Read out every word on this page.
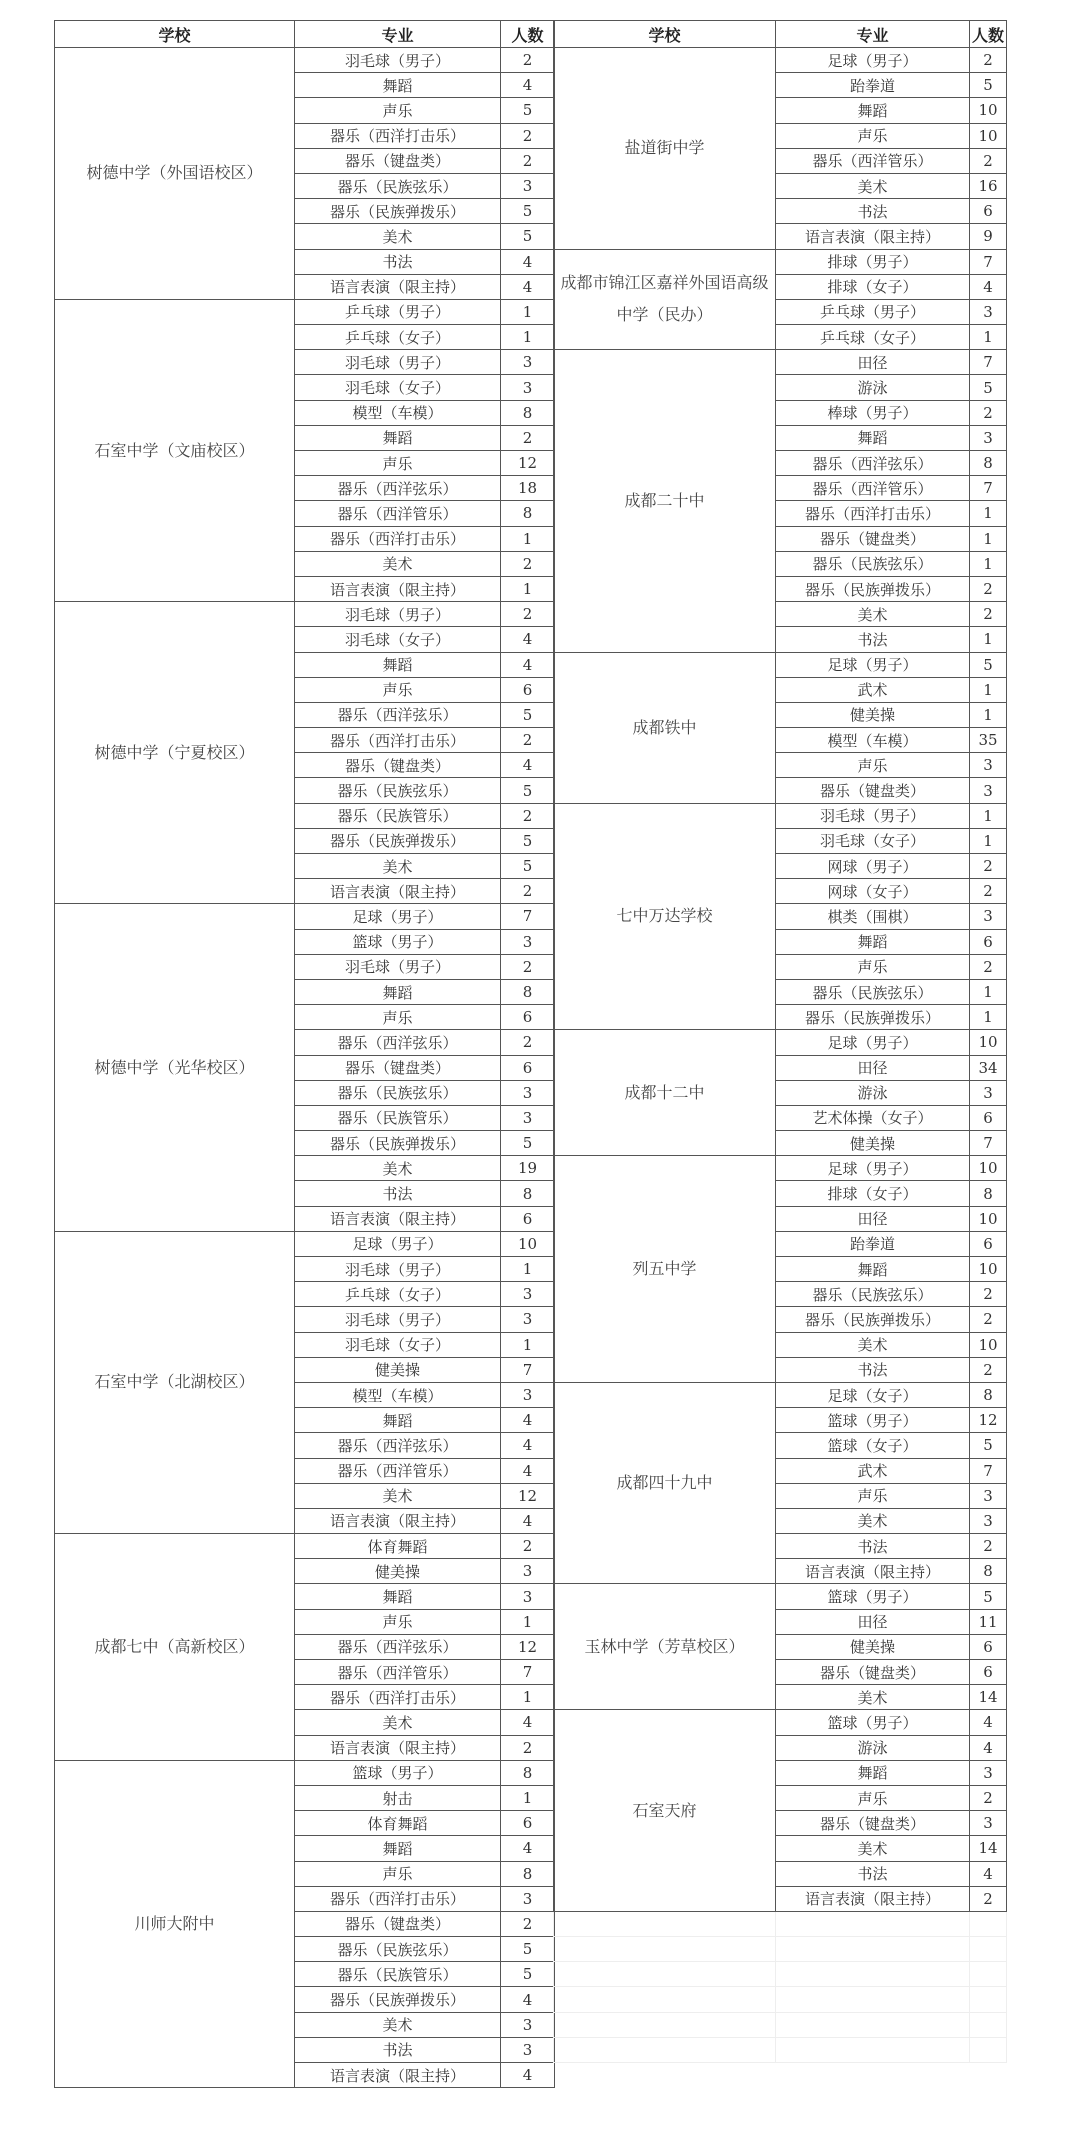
学校	专业	人数
树德中学（外国语校区）	羽毛球（男子）	2
	舞蹈	4
	声乐	5
	器乐（西洋打击乐）	2
	器乐（键盘类）	2
	器乐（民族弦乐）	3
	器乐（民族弹拨乐）	5
	美术	5
	书法	4
	语言表演（限主持）	4
石室中学（文庙校区）	乒乓球（男子）	1
	乒乓球（女子）	1
	羽毛球（男子）	3
	羽毛球（女子）	3
	模型（车模）	8
	舞蹈	2
	声乐	12
	器乐（西洋弦乐）	18
	器乐（西洋管乐）	8
	器乐（西洋打击乐）	1
	美术	2
	语言表演（限主持）	1
树德中学（宁夏校区）	羽毛球（男子）	2
	羽毛球（女子）	4
	舞蹈	4
	声乐	6
	器乐（西洋弦乐）	5
	器乐（西洋打击乐）	2
	器乐（键盘类）	4
	器乐（民族弦乐）	5
	器乐（民族管乐）	2
	器乐（民族弹拨乐）	5
	美术	5
	语言表演（限主持）	2
树德中学（光华校区）	足球（男子）	7
	篮球（男子）	3
	羽毛球（男子）	2
	舞蹈	8
	声乐	6
	器乐（西洋弦乐）	2
	器乐（键盘类）	6
	器乐（民族弦乐）	3
	器乐（民族管乐）	3
	器乐（民族弹拨乐）	5
	美术	19
	书法	8
	语言表演（限主持）	6
石室中学（北湖校区）	足球（男子）	10
	羽毛球（男子）	1
	乒乓球（女子）	3
	羽毛球（男子）	3
	羽毛球（女子）	1
	健美操	7
	模型（车模）	3
	舞蹈	4
	器乐（西洋弦乐）	4
	器乐（西洋管乐）	4
	美术	12
	语言表演（限主持）	4
成都七中（高新校区）	体育舞蹈	2
	健美操	3
	舞蹈	3
	声乐	1
	器乐（西洋弦乐）	12
	器乐（西洋管乐）	7
	器乐（西洋打击乐）	1
	美术	4
	语言表演（限主持）	2
川师大附中	篮球（男子）	8
	射击	1
	体育舞蹈	6
	舞蹈	4
	声乐	8
	器乐（西洋打击乐）	3
	器乐（键盘类）	2
	器乐（民族弦乐）	5
	器乐（民族管乐）	5
	器乐（民族弹拨乐）	4
	美术	3
	书法	3
	语言表演（限主持）	4
学校	专业	人数
盐道街中学	足球（男子）	2
	跆拳道	5
	舞蹈	10
	声乐	10
	器乐（西洋管乐）	2
	美术	16
	书法	6
	语言表演（限主持）	9
成都市锦江区嘉祥外国语高级中学（民办）	排球（男子）	7
	排球（女子）	4
	乒乓球（男子）	3
	乒乓球（女子）	1
成都二十中	田径	7
	游泳	5
	棒球（男子）	2
	舞蹈	3
	器乐（西洋弦乐）	8
	器乐（西洋管乐）	7
	器乐（西洋打击乐）	1
	器乐（键盘类）	1
	器乐（民族弦乐）	1
	器乐（民族弹拨乐）	2
	美术	2
	书法	1
成都铁中	足球（男子）	5
	武术	1
	健美操	1
	模型（车模）	35
	声乐	3
	器乐（键盘类）	3
七中万达学校	羽毛球（男子）	1
	羽毛球（女子）	1
	网球（男子）	2
	网球（女子）	2
	棋类（围棋）	3
	舞蹈	6
	声乐	2
	器乐（民族弦乐）	1
	器乐（民族弹拨乐）	1
成都十二中	足球（男子）	10
	田径	34
	游泳	3
	艺术体操（女子）	6
	健美操	7
列五中学	足球（男子）	10
	排球（女子）	8
	田径	10
	跆拳道	6
	舞蹈	10
	器乐（民族弦乐）	2
	器乐（民族弹拨乐）	2
	美术	10
	书法	2
成都四十九中	足球（女子）	8
	篮球（男子）	12
	篮球（女子）	5
	武术	7
	声乐	3
	美术	3
	书法	2
	语言表演（限主持）	8
玉林中学（芳草校区）	篮球（男子）	5
	田径	11
	健美操	6
	器乐（键盘类）	6
	美术	14
石室天府	篮球（男子）	4
	游泳	4
	舞蹈	3
	声乐	2
	器乐（键盘类）	3
	美术	14
	书法	4
	语言表演（限主持）	2
